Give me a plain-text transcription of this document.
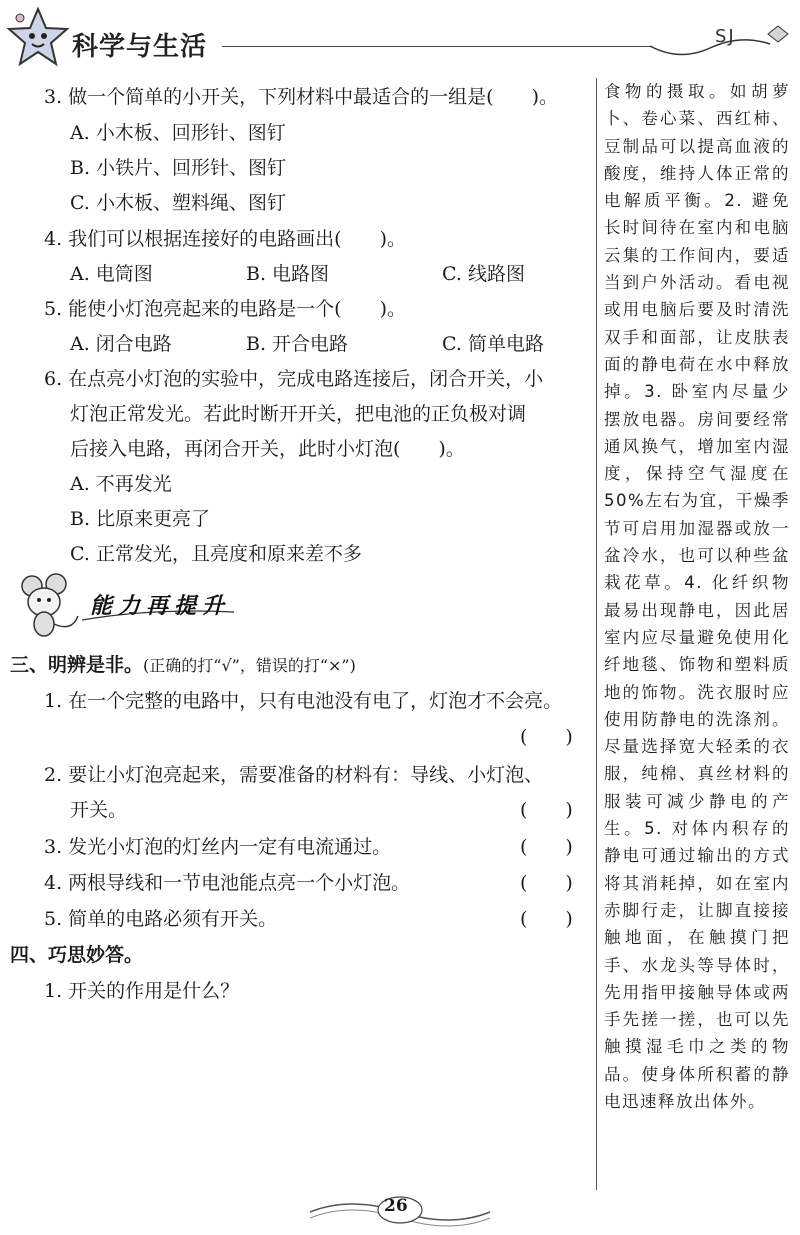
科学与生活	SJ
3. 做一个简单的小开关，下列材料中最适合的一组是(　　)。
A. 小木板、回形针、图钉
B. 小铁片、回形针、图钉
C. 小木板、塑料绳、图钉
4. 我们可以根据连接好的电路画出(　　)。
A. 电筒图	B. 电路图	C. 线路图
5. 能使小灯泡亮起来的电路是一个(　　)。
A. 闭合电路	B. 开合电路	C. 简单电路
6. 在点亮小灯泡的实验中，完成电路连接后，闭合开关，小
灯泡正常发光。若此时断开开关，把电池的正负极对调
后接入电路，再闭合开关，此时小灯泡(　　)。
A. 不再发光
B. 比原来更亮了
C. 正常发光，且亮度和原来差不多
能力再提升
三、明辨是非。(正确的打“√”，错误的打“×”)
1. 在一个完整的电路中，只有电池没有电了，灯泡才不会亮。
(　　)
2. 要让小灯泡亮起来，需要准备的材料有：导线、小灯泡、
开关。	(　　)
3. 发光小灯泡的灯丝内一定有电流通过。	(　　)
4. 两根导线和一节电池能点亮一个小灯泡。	(　　)
5. 简单的电路必须有开关。	(　　)
四、巧思妙答。
1. 开关的作用是什么？
食物的摄取。如胡萝卜、卷心菜、西红柿、豆制品可以提高血液的酸度，维持人体正常的电解质平衡。2. 避免长时间待在室内和电脑云集的工作间内，要适当到户外活动。看电视或用电脑后要及时清洗双手和面部，让皮肤表面的静电荷在水中释放掉。3. 卧室内尽量少摆放电器。房间要经常通风换气，增加室内湿度，保持空气湿度在50%左右为宜，干燥季节可启用加湿器或放一盆冷水，也可以种些盆栽花草。4. 化纤织物最易出现静电，因此居室内应尽量避免使用化纤地毯、饰物和塑料质地的饰物。洗衣服时应使用防静电的洗涤剂。尽量选择宽大轻柔的衣服，纯棉、真丝材料的服装可减少静电的产生。5. 对体内积存的静电可通过输出的方式将其消耗掉，如在室内赤脚行走，让脚直接接触地面，在触摸门把手、水龙头等导体时，先用指甲接触导体或两手先搓一搓，也可以先触摸湿毛巾之类的物品。使身体所积蓄的静电迅速释放出体外。
26
